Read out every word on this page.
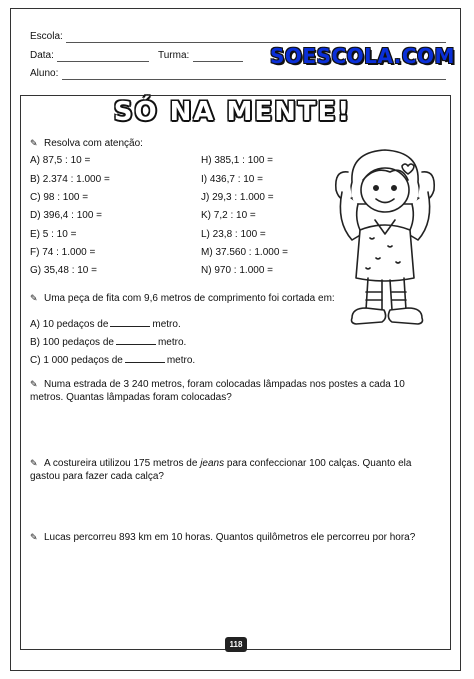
Escola:
Data:	Turma:
Aluno:
SOESCOLA.COM
SÓ NA MENTE!
✎ Resolva com atenção:
A) 87,5 : 10 =
B) 2.374 : 1.000 =
C) 98 : 100 =
D) 396,4 : 100 =
E) 5 : 10 =
F) 74 : 1.000 =
G) 35,48 : 10 =
H) 385,1 : 100 =
I) 436,7 : 10 =
J) 29,3 : 1.000 =
K) 7,2 : 10 =
L) 23,8 : 100 =
M) 37.560 : 1.000 =
N) 970 : 1.000 =
✎ Uma peça de fita com 9,6 metros de comprimento foi cortada em:
A) 10 pedaços de	metro.
B) 100 pedaços de	metro.
C) 1 000 pedaços de	metro.
✎ Numa estrada de 3 240 metros, foram colocadas lâmpadas nos postes a cada 10 metros. Quantas lâmpadas foram colocadas?
✎ A costureira utilizou 175 metros de jeans para confeccionar 100 calças. Quanto ela gastou para fazer cada calça?
✎ Lucas percorreu 893 km em 10 horas. Quantos quilômetros ele percorreu por hora?
118
